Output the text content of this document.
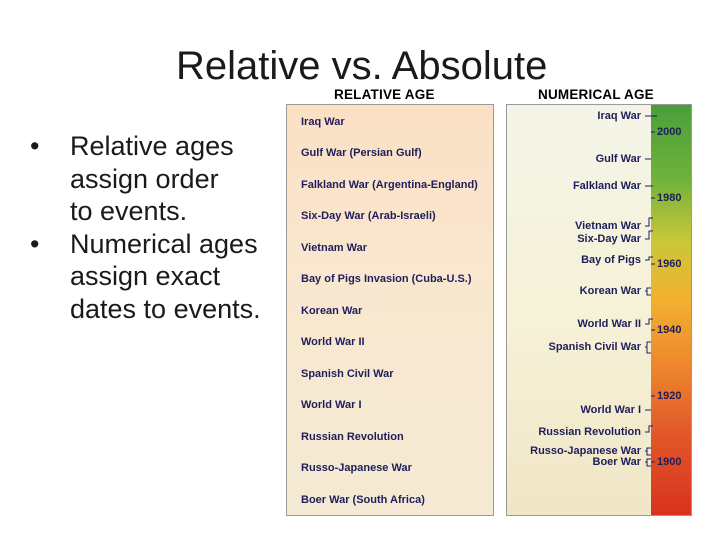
Relative vs. Absolute
•	Relative ages
assign order
to events.
•	Numerical ages
assign exact
dates to events.
RELATIVE AGE	NUMERICAL AGE
Iraq War
Gulf War (Persian Gulf)
Falkland War (Argentina-England)
Six-Day War (Arab-Israeli)
Vietnam War
Bay of Pigs Invasion (Cuba-U.S.)
Korean War
World War II
Spanish Civil War
World War I
Russian Revolution
Russo-Japanese War
Boer War (South Africa)
Iraq War
Gulf War
Falkland War
Vietnam War
Six-Day War
Bay of Pigs
Korean War
World War II
Spanish Civil War
World War I
Russian Revolution
Russo-Japanese War
Boer War
2000
1980
1960
1940
1920
1900
